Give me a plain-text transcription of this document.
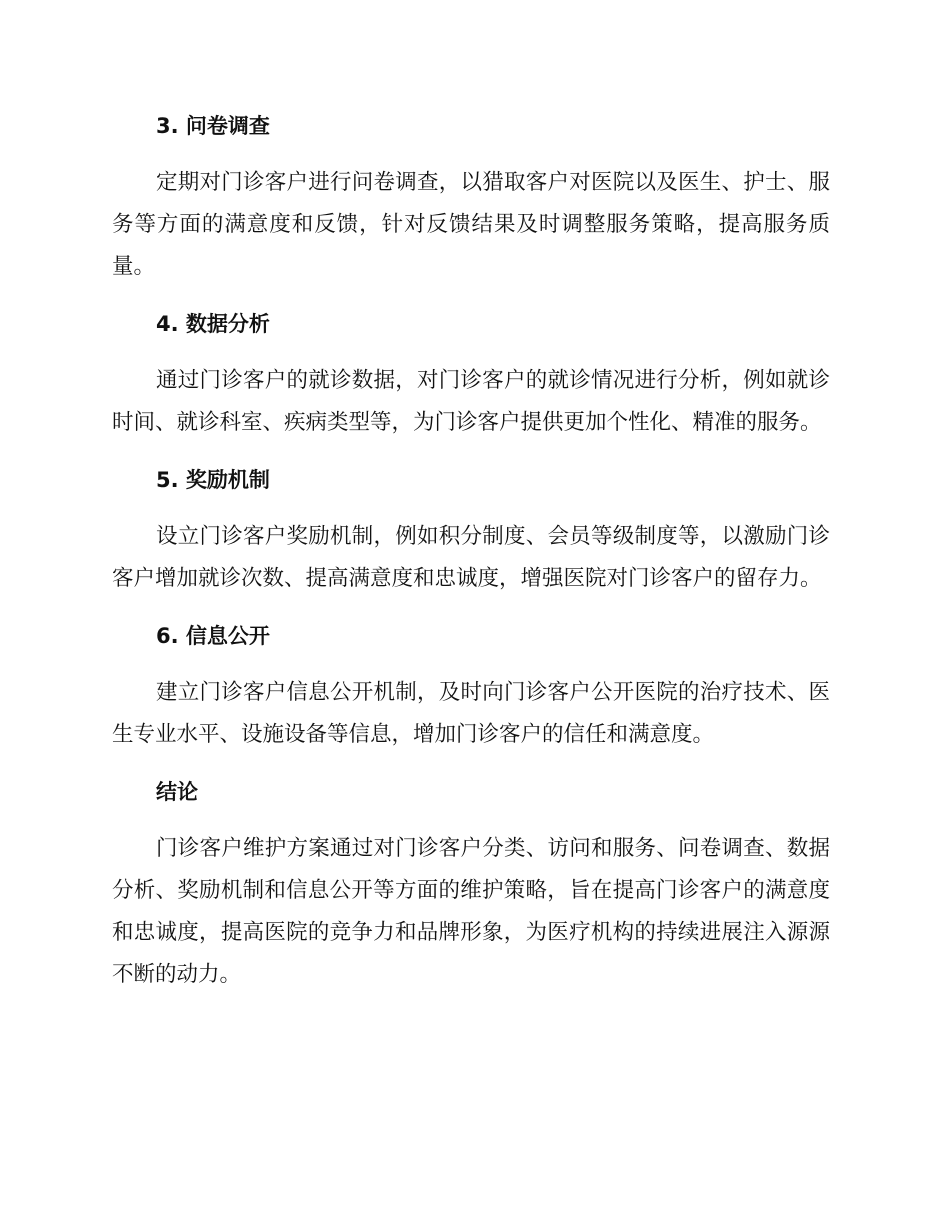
3. 问卷调查

定期对门诊客户进行问卷调查，以猎取客户对医院以及医生、护士、服务等方面的满意度和反馈，针对反馈结果及时调整服务策略，提高服务质量。

4. 数据分析

通过门诊客户的就诊数据，对门诊客户的就诊情况进行分析，例如就诊时间、就诊科室、疾病类型等，为门诊客户提供更加个性化、精准的服务。

5. 奖励机制

设立门诊客户奖励机制，例如积分制度、会员等级制度等，以激励门诊客户增加就诊次数、提高满意度和忠诚度，增强医院对门诊客户的留存力。

6. 信息公开

建立门诊客户信息公开机制，及时向门诊客户公开医院的治疗技术、医生专业水平、设施设备等信息，增加门诊客户的信任和满意度。

结论

门诊客户维护方案通过对门诊客户分类、访问和服务、问卷调查、数据分析、奖励机制和信息公开等方面的维护策略，旨在提高门诊客户的满意度和忠诚度，提高医院的竞争力和品牌形象，为医疗机构的持续进展注入源源不断的动力。
